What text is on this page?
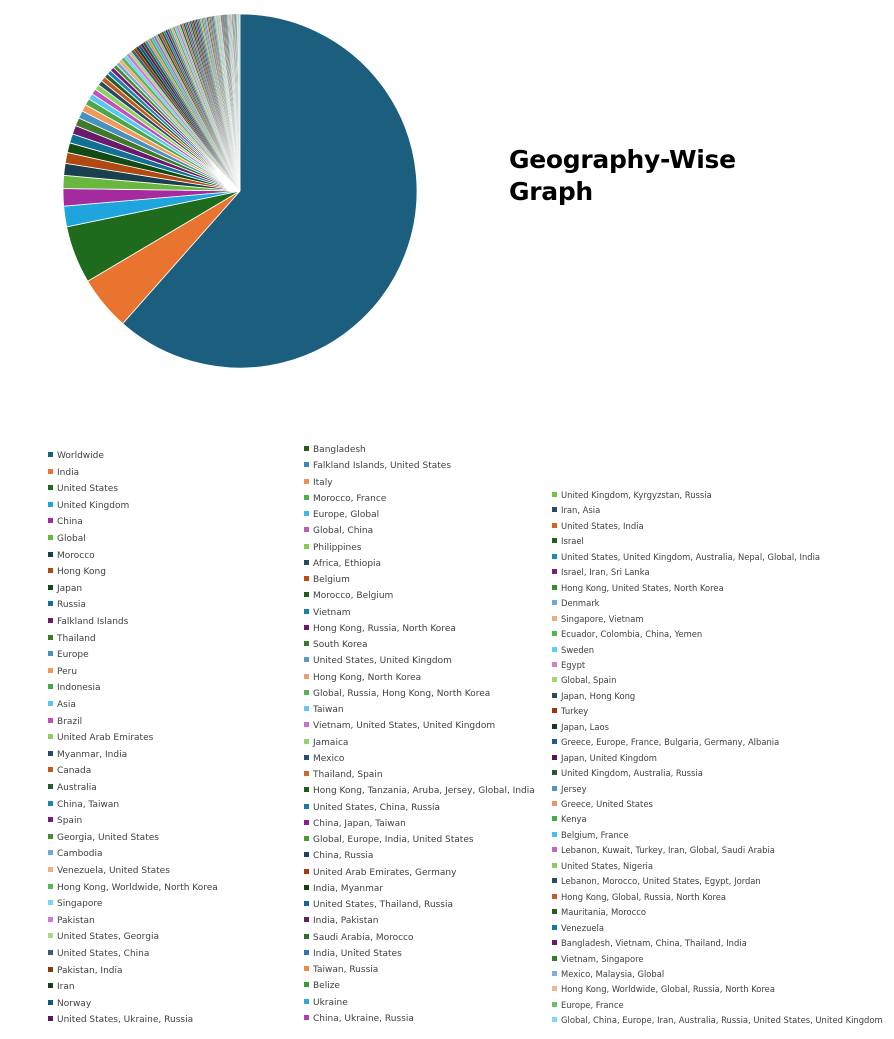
Geography-Wise Graph
Worldwide
India
United States
United Kingdom
China
Global
Morocco
Hong Kong
Japan
Russia
Falkland Islands
Thailand
Europe
Peru
Indonesia
Asia
Brazil
United Arab Emirates
Myanmar, India
Canada
Australia
China, Taiwan
Spain
Georgia, United States
Cambodia
Venezuela, United States
Hong Kong, Worldwide, North Korea
Singapore
Pakistan
United States, Georgia
United States, China
Pakistan, India
Iran
Norway
United States, Ukraine, Russia
Bangladesh
Falkland Islands, United States
Italy
Morocco, France
Europe, Global
Global, China
Philippines
Africa, Ethiopia
Belgium
Morocco, Belgium
Vietnam
Hong Kong, Russia, North Korea
South Korea
United States, United Kingdom
Hong Kong, North Korea
Global, Russia, Hong Kong, North Korea
Taiwan
Vietnam, United States, United Kingdom
Jamaica
Mexico
Thailand, Spain
Hong Kong, Tanzania, Aruba, Jersey, Global, India
United States, China, Russia
China, Japan, Taiwan
Global, Europe, India, United States
China, Russia
United Arab Emirates, Germany
India, Myanmar
United States, Thailand, Russia
India, Pakistan
Saudi Arabia, Morocco
India, United States
Taiwan, Russia
Belize
Ukraine
China, Ukraine, Russia
United Kingdom, Kyrgyzstan, Russia
Iran, Asia
United States, India
Israel
United States, United Kingdom, Australia, Nepal, Global, India
Israel, Iran, Sri Lanka
Hong Kong, United States, North Korea
Denmark
Singapore, Vietnam
Ecuador, Colombia, China, Yemen
Sweden
Egypt
Global, Spain
Japan, Hong Kong
Turkey
Japan, Laos
Greece, Europe, France, Bulgaria, Germany, Albania
Japan, United Kingdom
United Kingdom, Australia, Russia
Jersey
Greece, United States
Kenya
Belgium, France
Lebanon, Kuwait, Turkey, Iran, Global, Saudi Arabia
United States, Nigeria
Lebanon, Morocco, United States, Egypt, Jordan
Hong Kong, Global, Russia, North Korea
Mauritania, Morocco
Venezuela
Bangladesh, Vietnam, China, Thailand, India
Vietnam, Singapore
Mexico, Malaysia, Global
Hong Kong, Worldwide, Global, Russia, North Korea
Europe, France
Global, China, Europe, Iran, Australia, Russia, United States, United Kingdom
